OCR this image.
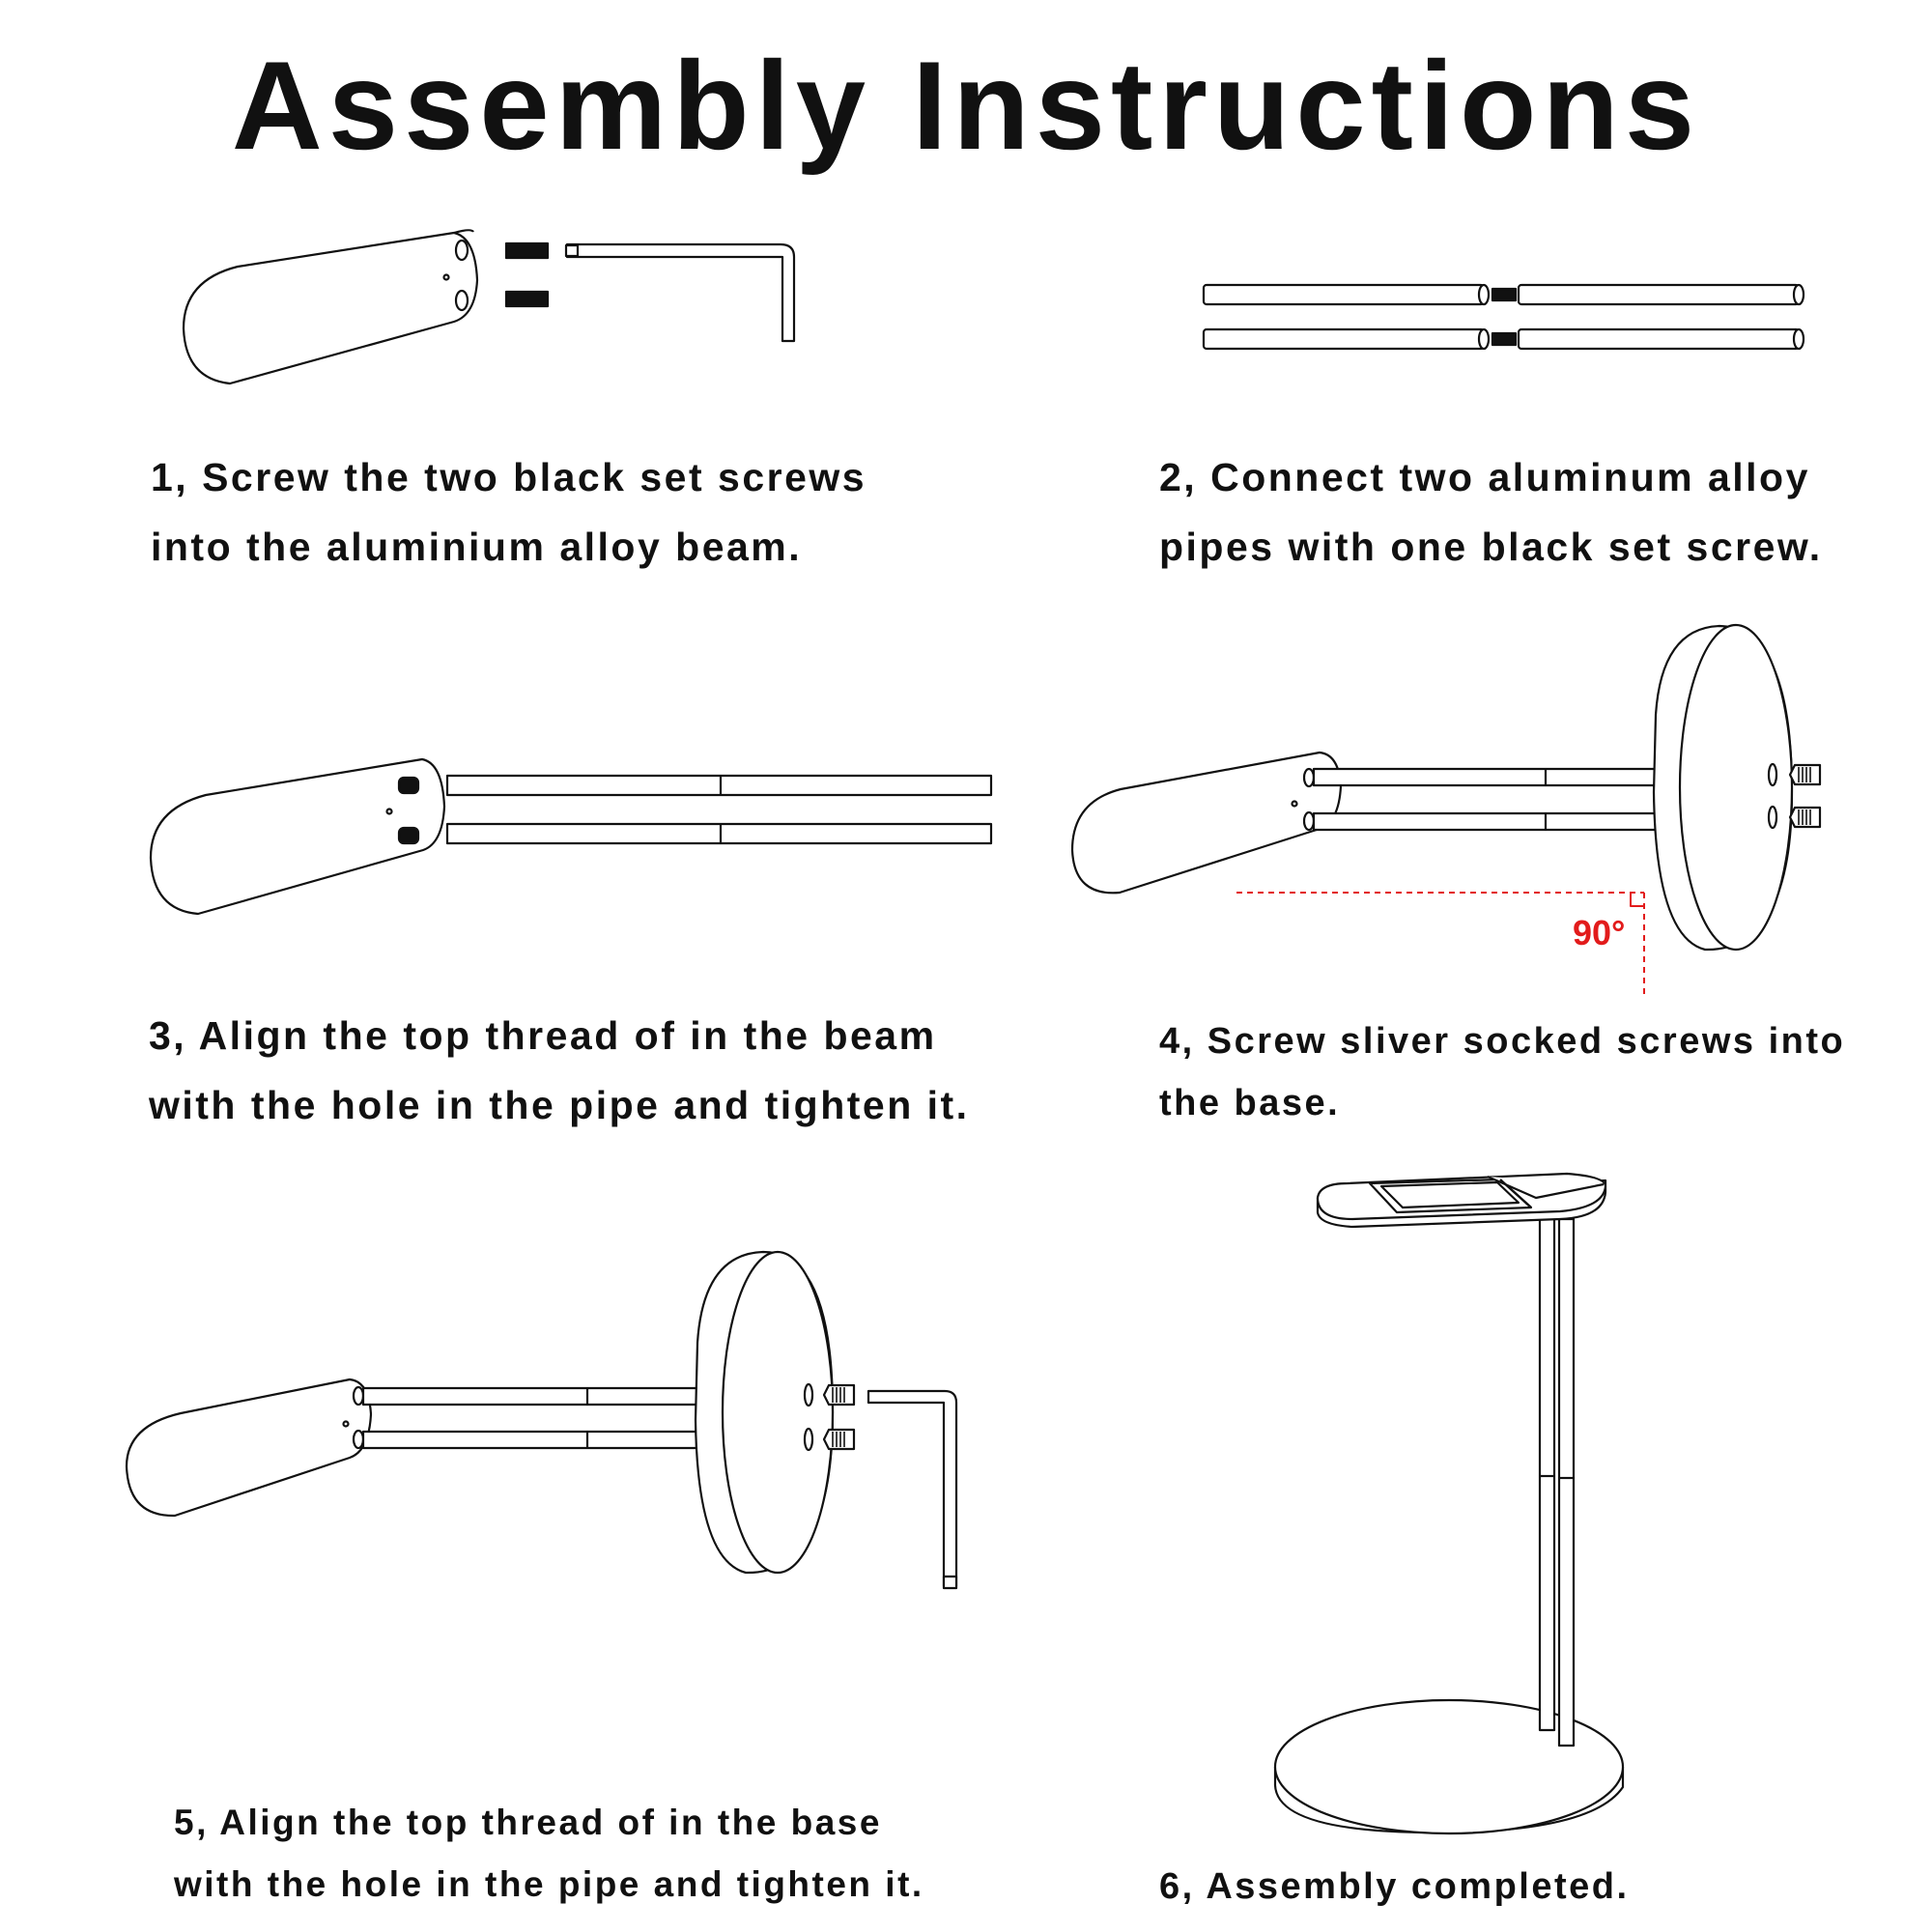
Assembly Instructions
90°
1, Screw the two black set screws
into the aluminium alloy beam.
2, Connect two aluminum alloy
pipes with one black set screw.
3, Align the top thread of in the beam
with the hole in the pipe and tighten it.
4, Screw sliver socked screws into
the base.
5, Align the top thread of in the base
with the hole in the pipe and tighten it.	6, Assembly completed.
